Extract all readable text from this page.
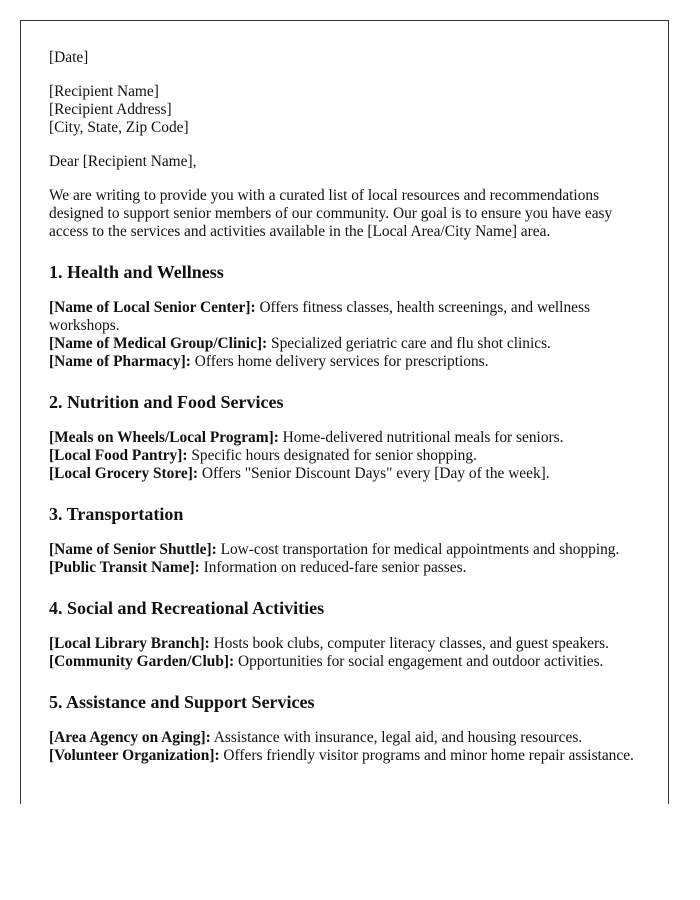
[Date]

[Recipient Name]
[Recipient Address]
[City, State, Zip Code]

Dear [Recipient Name],

We are writing to provide you with a curated list of local resources and recommendations designed to support senior members of our community. Our goal is to ensure you have easy access to the services and activities available in the [Local Area/City Name] area.

1. Health and Wellness
[Name of Local Senior Center]: Offers fitness classes, health screenings, and wellness workshops.
[Name of Medical Group/Clinic]: Specialized geriatric care and flu shot clinics.
[Name of Pharmacy]: Offers home delivery services for prescriptions.
2. Nutrition and Food Services
[Meals on Wheels/Local Program]: Home-delivered nutritional meals for seniors.
[Local Food Pantry]: Specific hours designated for senior shopping.
[Local Grocery Store]: Offers "Senior Discount Days" every [Day of the week].
3. Transportation
[Name of Senior Shuttle]: Low-cost transportation for medical appointments and shopping.
[Public Transit Name]: Information on reduced-fare senior passes.
4. Social and Recreational Activities
[Local Library Branch]: Hosts book clubs, computer literacy classes, and guest speakers.
[Community Garden/Club]: Opportunities for social engagement and outdoor activities.
5. Assistance and Support Services
[Area Agency on Aging]: Assistance with insurance, legal aid, and housing resources.
[Volunteer Organization]: Offers friendly visitor programs and minor home repair assistance.
